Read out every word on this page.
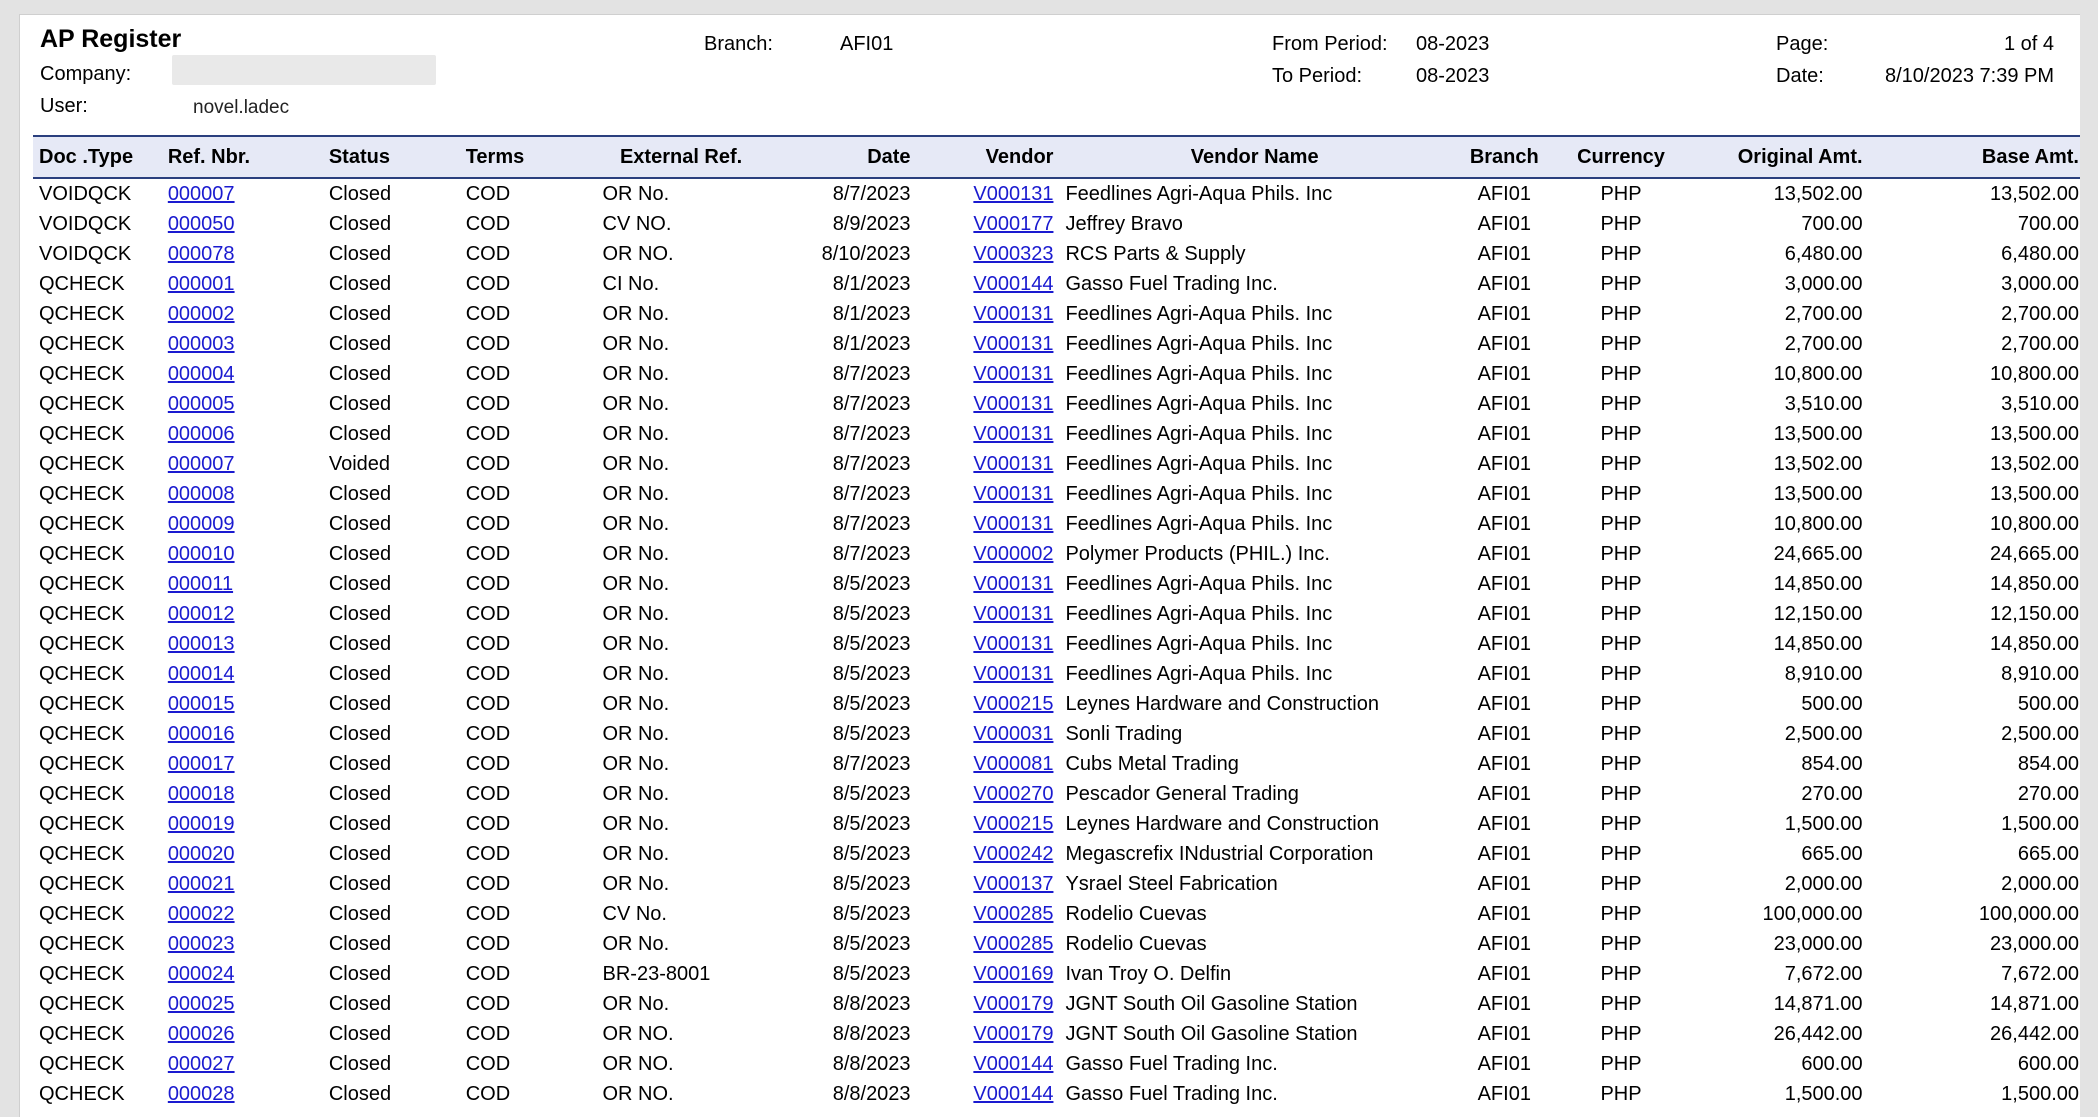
AP Register
Company:
User:	novel.ladec
Branch:	AFI01	From Period: 08-2023
To Period:	08-2023
Page:	1 of 4
Date:	8/10/2023 7:39 PM
Doc .Type	Ref. Nbr.	Status	Terms	External Ref.	Date	Vendor	Vendor Name	Branch	Currency	Original Amt.	Base Amt.
VOIDQCK	000007	Closed	COD	OR No.	8/7/2023	V000131	Feedlines Agri-Aqua Phils. Inc	AFI01	PHP	13,502.00	13,502.00
VOIDQCK	000050	Closed	COD	CV NO.	8/9/2023	V000177	Jeffrey Bravo	AFI01	PHP	700.00	700.00
VOIDQCK	000078	Closed	COD	OR NO.	8/10/2023	V000323	RCS Parts & Supply	AFI01	PHP	6,480.00	6,480.00
QCHECK	000001	Closed	COD	CI No.	8/1/2023	V000144	Gasso Fuel Trading Inc.	AFI01	PHP	3,000.00	3,000.00
QCHECK	000002	Closed	COD	OR No.	8/1/2023	V000131	Feedlines Agri-Aqua Phils. Inc	AFI01	PHP	2,700.00	2,700.00
QCHECK	000003	Closed	COD	OR No.	8/1/2023	V000131	Feedlines Agri-Aqua Phils. Inc	AFI01	PHP	2,700.00	2,700.00
QCHECK	000004	Closed	COD	OR No.	8/7/2023	V000131	Feedlines Agri-Aqua Phils. Inc	AFI01	PHP	10,800.00	10,800.00
QCHECK	000005	Closed	COD	OR No.	8/7/2023	V000131	Feedlines Agri-Aqua Phils. Inc	AFI01	PHP	3,510.00	3,510.00
QCHECK	000006	Closed	COD	OR No.	8/7/2023	V000131	Feedlines Agri-Aqua Phils. Inc	AFI01	PHP	13,500.00	13,500.00
QCHECK	000007	Voided	COD	OR No.	8/7/2023	V000131	Feedlines Agri-Aqua Phils. Inc	AFI01	PHP	13,502.00	13,502.00
QCHECK	000008	Closed	COD	OR No.	8/7/2023	V000131	Feedlines Agri-Aqua Phils. Inc	AFI01	PHP	13,500.00	13,500.00
QCHECK	000009	Closed	COD	OR No.	8/7/2023	V000131	Feedlines Agri-Aqua Phils. Inc	AFI01	PHP	10,800.00	10,800.00
QCHECK	000010	Closed	COD	OR No.	8/7/2023	V000002	Polymer Products (PHIL.) Inc.	AFI01	PHP	24,665.00	24,665.00
QCHECK	000011	Closed	COD	OR No.	8/5/2023	V000131	Feedlines Agri-Aqua Phils. Inc	AFI01	PHP	14,850.00	14,850.00
QCHECK	000012	Closed	COD	OR No.	8/5/2023	V000131	Feedlines Agri-Aqua Phils. Inc	AFI01	PHP	12,150.00	12,150.00
QCHECK	000013	Closed	COD	OR No.	8/5/2023	V000131	Feedlines Agri-Aqua Phils. Inc	AFI01	PHP	14,850.00	14,850.00
QCHECK	000014	Closed	COD	OR No.	8/5/2023	V000131	Feedlines Agri-Aqua Phils. Inc	AFI01	PHP	8,910.00	8,910.00
QCHECK	000015	Closed	COD	OR No.	8/5/2023	V000215	Leynes Hardware and Construction	AFI01	PHP	500.00	500.00
QCHECK	000016	Closed	COD	OR No.	8/5/2023	V000031	Sonli Trading	AFI01	PHP	2,500.00	2,500.00
QCHECK	000017	Closed	COD	OR No.	8/7/2023	V000081	Cubs Metal Trading	AFI01	PHP	854.00	854.00
QCHECK	000018	Closed	COD	OR No.	8/5/2023	V000270	Pescador General Trading	AFI01	PHP	270.00	270.00
QCHECK	000019	Closed	COD	OR No.	8/5/2023	V000215	Leynes Hardware and Construction	AFI01	PHP	1,500.00	1,500.00
QCHECK	000020	Closed	COD	OR No.	8/5/2023	V000242	Megascrefix INdustrial Corporation	AFI01	PHP	665.00	665.00
QCHECK	000021	Closed	COD	OR No.	8/5/2023	V000137	Ysrael Steel Fabrication	AFI01	PHP	2,000.00	2,000.00
QCHECK	000022	Closed	COD	CV No.	8/5/2023	V000285	Rodelio Cuevas	AFI01	PHP	100,000.00	100,000.00
QCHECK	000023	Closed	COD	OR No.	8/5/2023	V000285	Rodelio Cuevas	AFI01	PHP	23,000.00	23,000.00
QCHECK	000024	Closed	COD	BR-23-8001	8/5/2023	V000169	Ivan Troy O. Delfin	AFI01	PHP	7,672.00	7,672.00
QCHECK	000025	Closed	COD	OR No.	8/8/2023	V000179	JGNT South Oil Gasoline Station	AFI01	PHP	14,871.00	14,871.00
QCHECK	000026	Closed	COD	OR NO.	8/8/2023	V000179	JGNT South Oil Gasoline Station	AFI01	PHP	26,442.00	26,442.00
QCHECK	000027	Closed	COD	OR NO.	8/8/2023	V000144	Gasso Fuel Trading Inc.	AFI01	PHP	600.00	600.00
QCHECK	000028	Closed	COD	OR NO.	8/8/2023	V000144	Gasso Fuel Trading Inc.	AFI01	PHP	1,500.00	1,500.00
